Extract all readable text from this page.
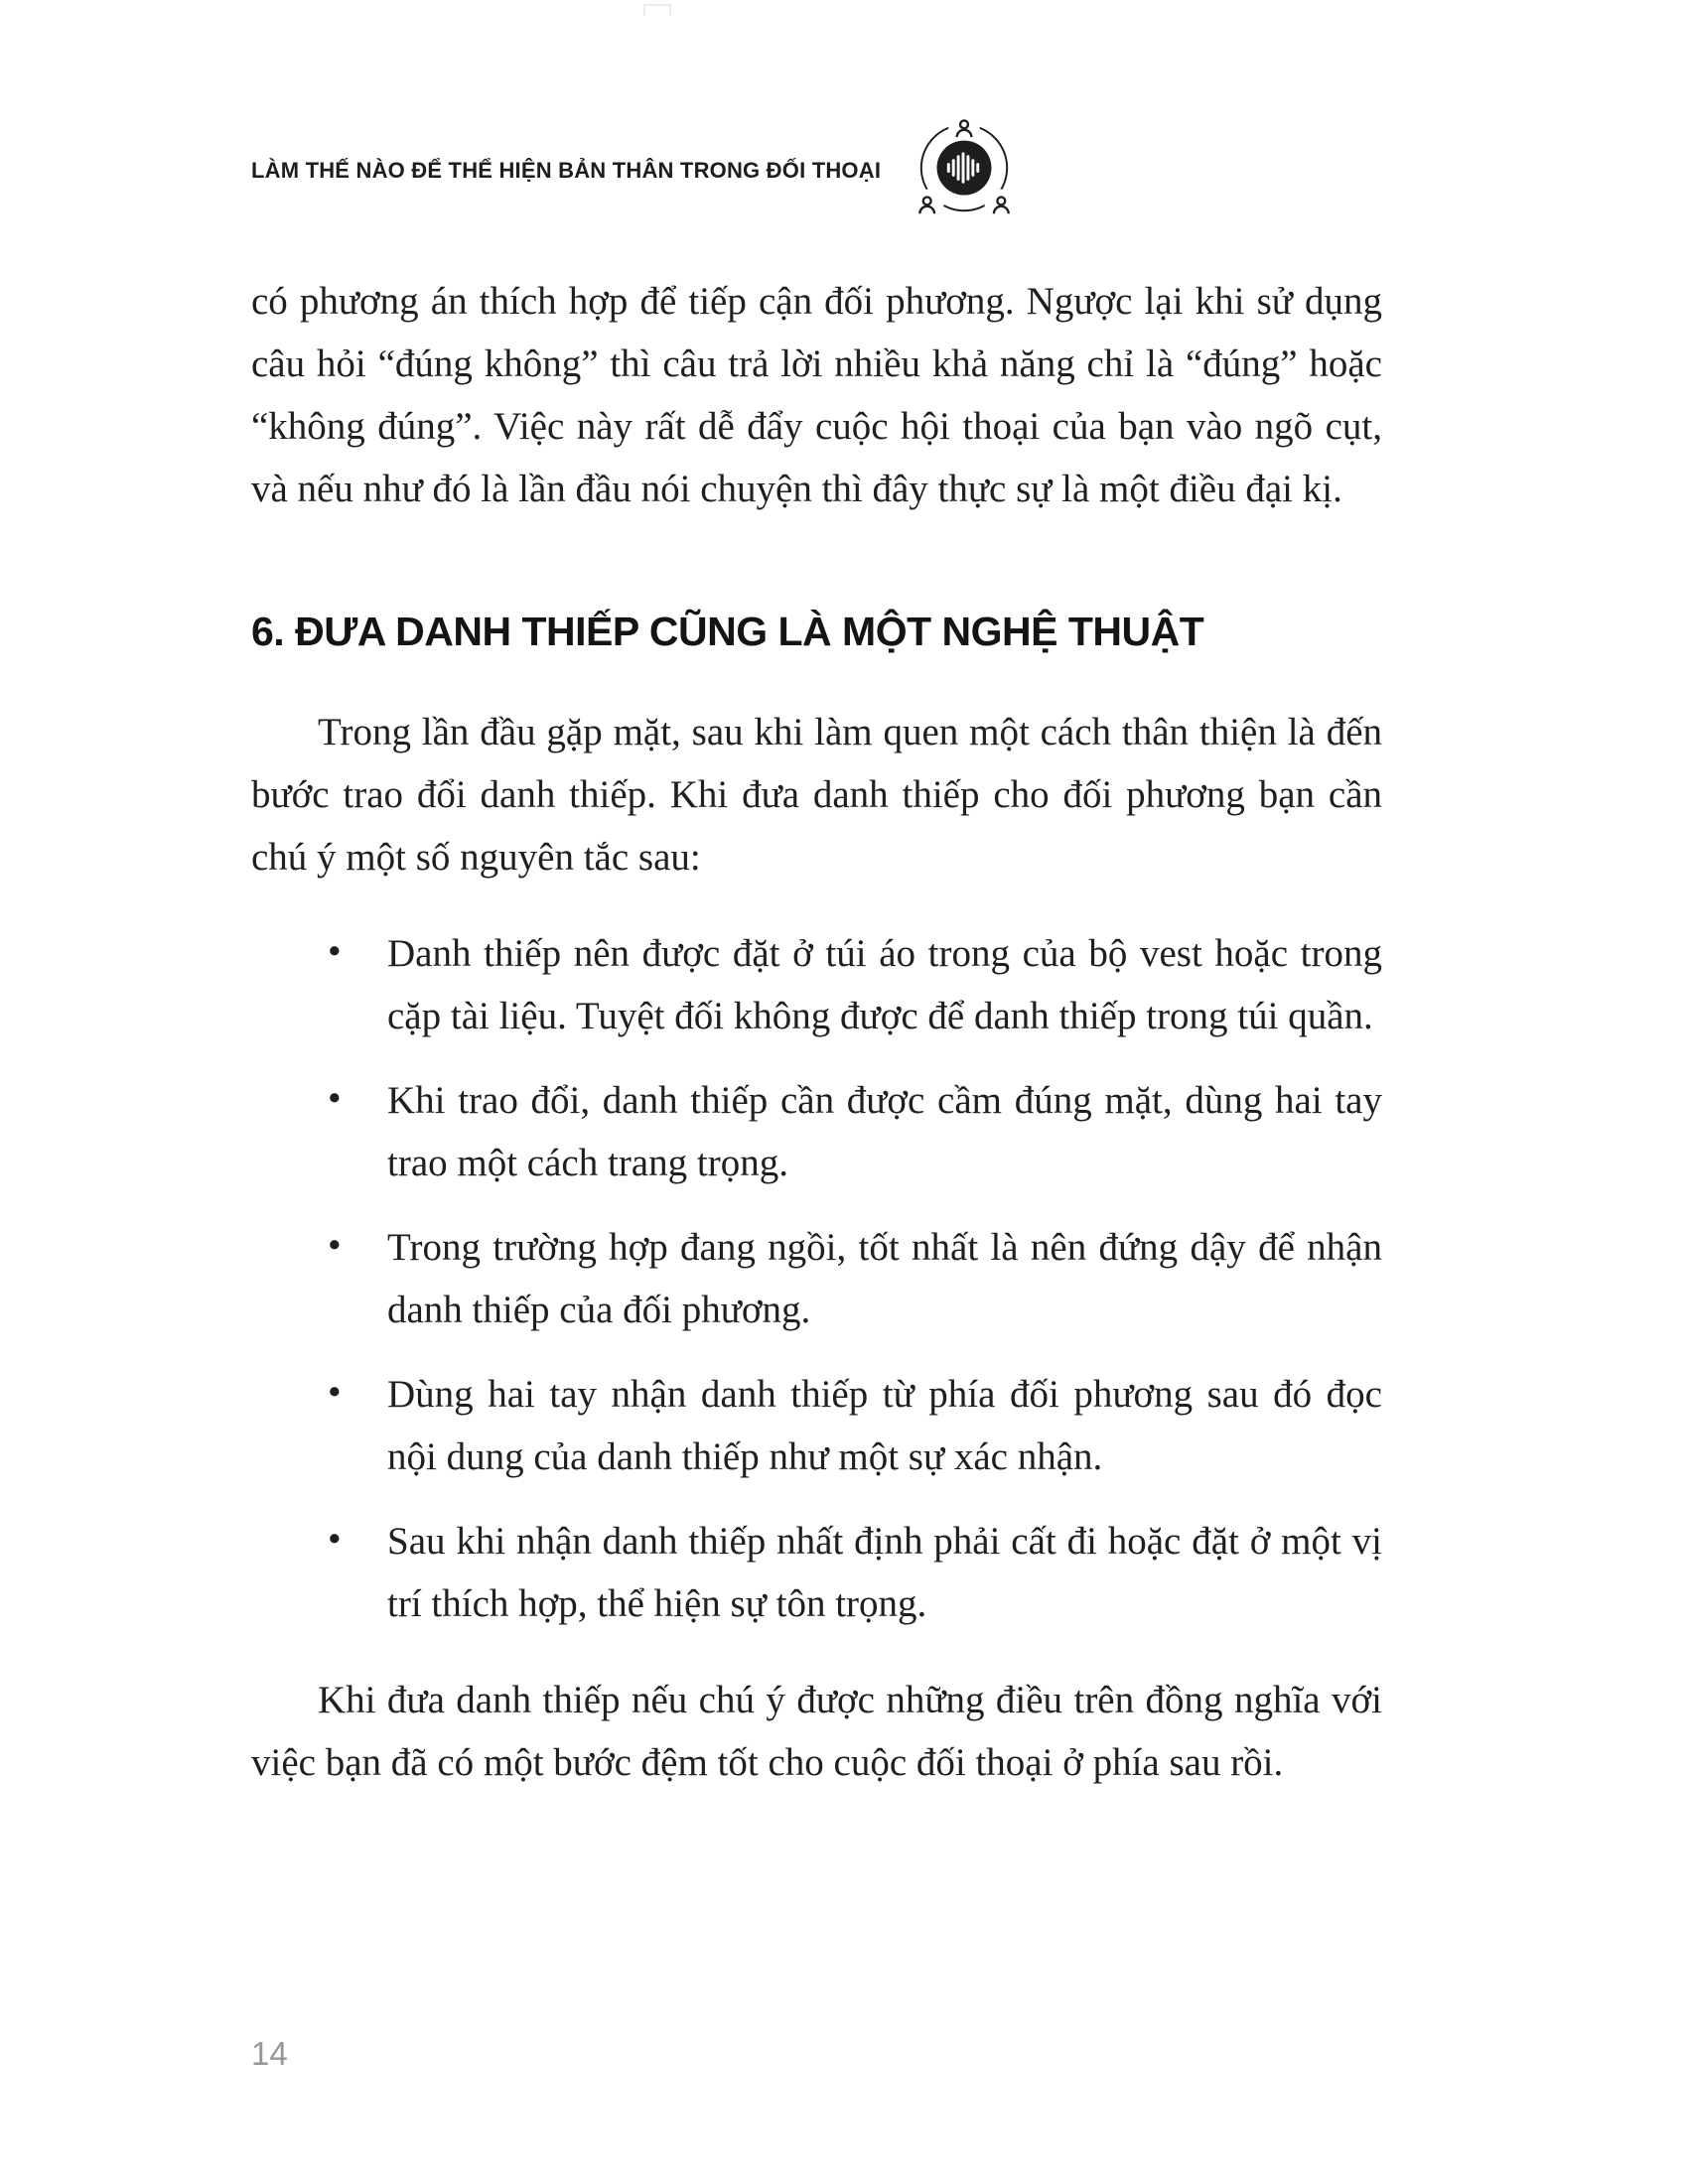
LÀM THẾ NÀO ĐỂ THỂ HIỆN BẢN THÂN TRONG ĐỐI THOẠI

có phương án thích hợp để tiếp cận đối phương. Ngược lại khi sử dụng câu hỏi “đúng không” thì câu trả lời nhiều khả năng chỉ là “đúng” hoặc “không đúng”. Việc này rất dễ đẩy cuộc hội thoại của bạn vào ngõ cụt, và nếu như đó là lần đầu nói chuyện thì đây thực sự là một điều đại kị.

6. ĐƯA DANH THIẾP CŨNG LÀ MỘT NGHỆ THUẬT

Trong lần đầu gặp mặt, sau khi làm quen một cách thân thiện là đến bước trao đổi danh thiếp. Khi đưa danh thiếp cho đối phương bạn cần chú ý một số nguyên tắc sau:

• Danh thiếp nên được đặt ở túi áo trong của bộ vest hoặc trong cặp tài liệu. Tuyệt đối không được để danh thiếp trong túi quần.
• Khi trao đổi, danh thiếp cần được cầm đúng mặt, dùng hai tay trao một cách trang trọng.
• Trong trường hợp đang ngồi, tốt nhất là nên đứng dậy để nhận danh thiếp của đối phương.
• Dùng hai tay nhận danh thiếp từ phía đối phương sau đó đọc nội dung của danh thiếp như một sự xác nhận.
• Sau khi nhận danh thiếp nhất định phải cất đi hoặc đặt ở một vị trí thích hợp, thể hiện sự tôn trọng.

Khi đưa danh thiếp nếu chú ý được những điều trên đồng nghĩa với việc bạn đã có một bước đệm tốt cho cuộc đối thoại ở phía sau rồi.

14
